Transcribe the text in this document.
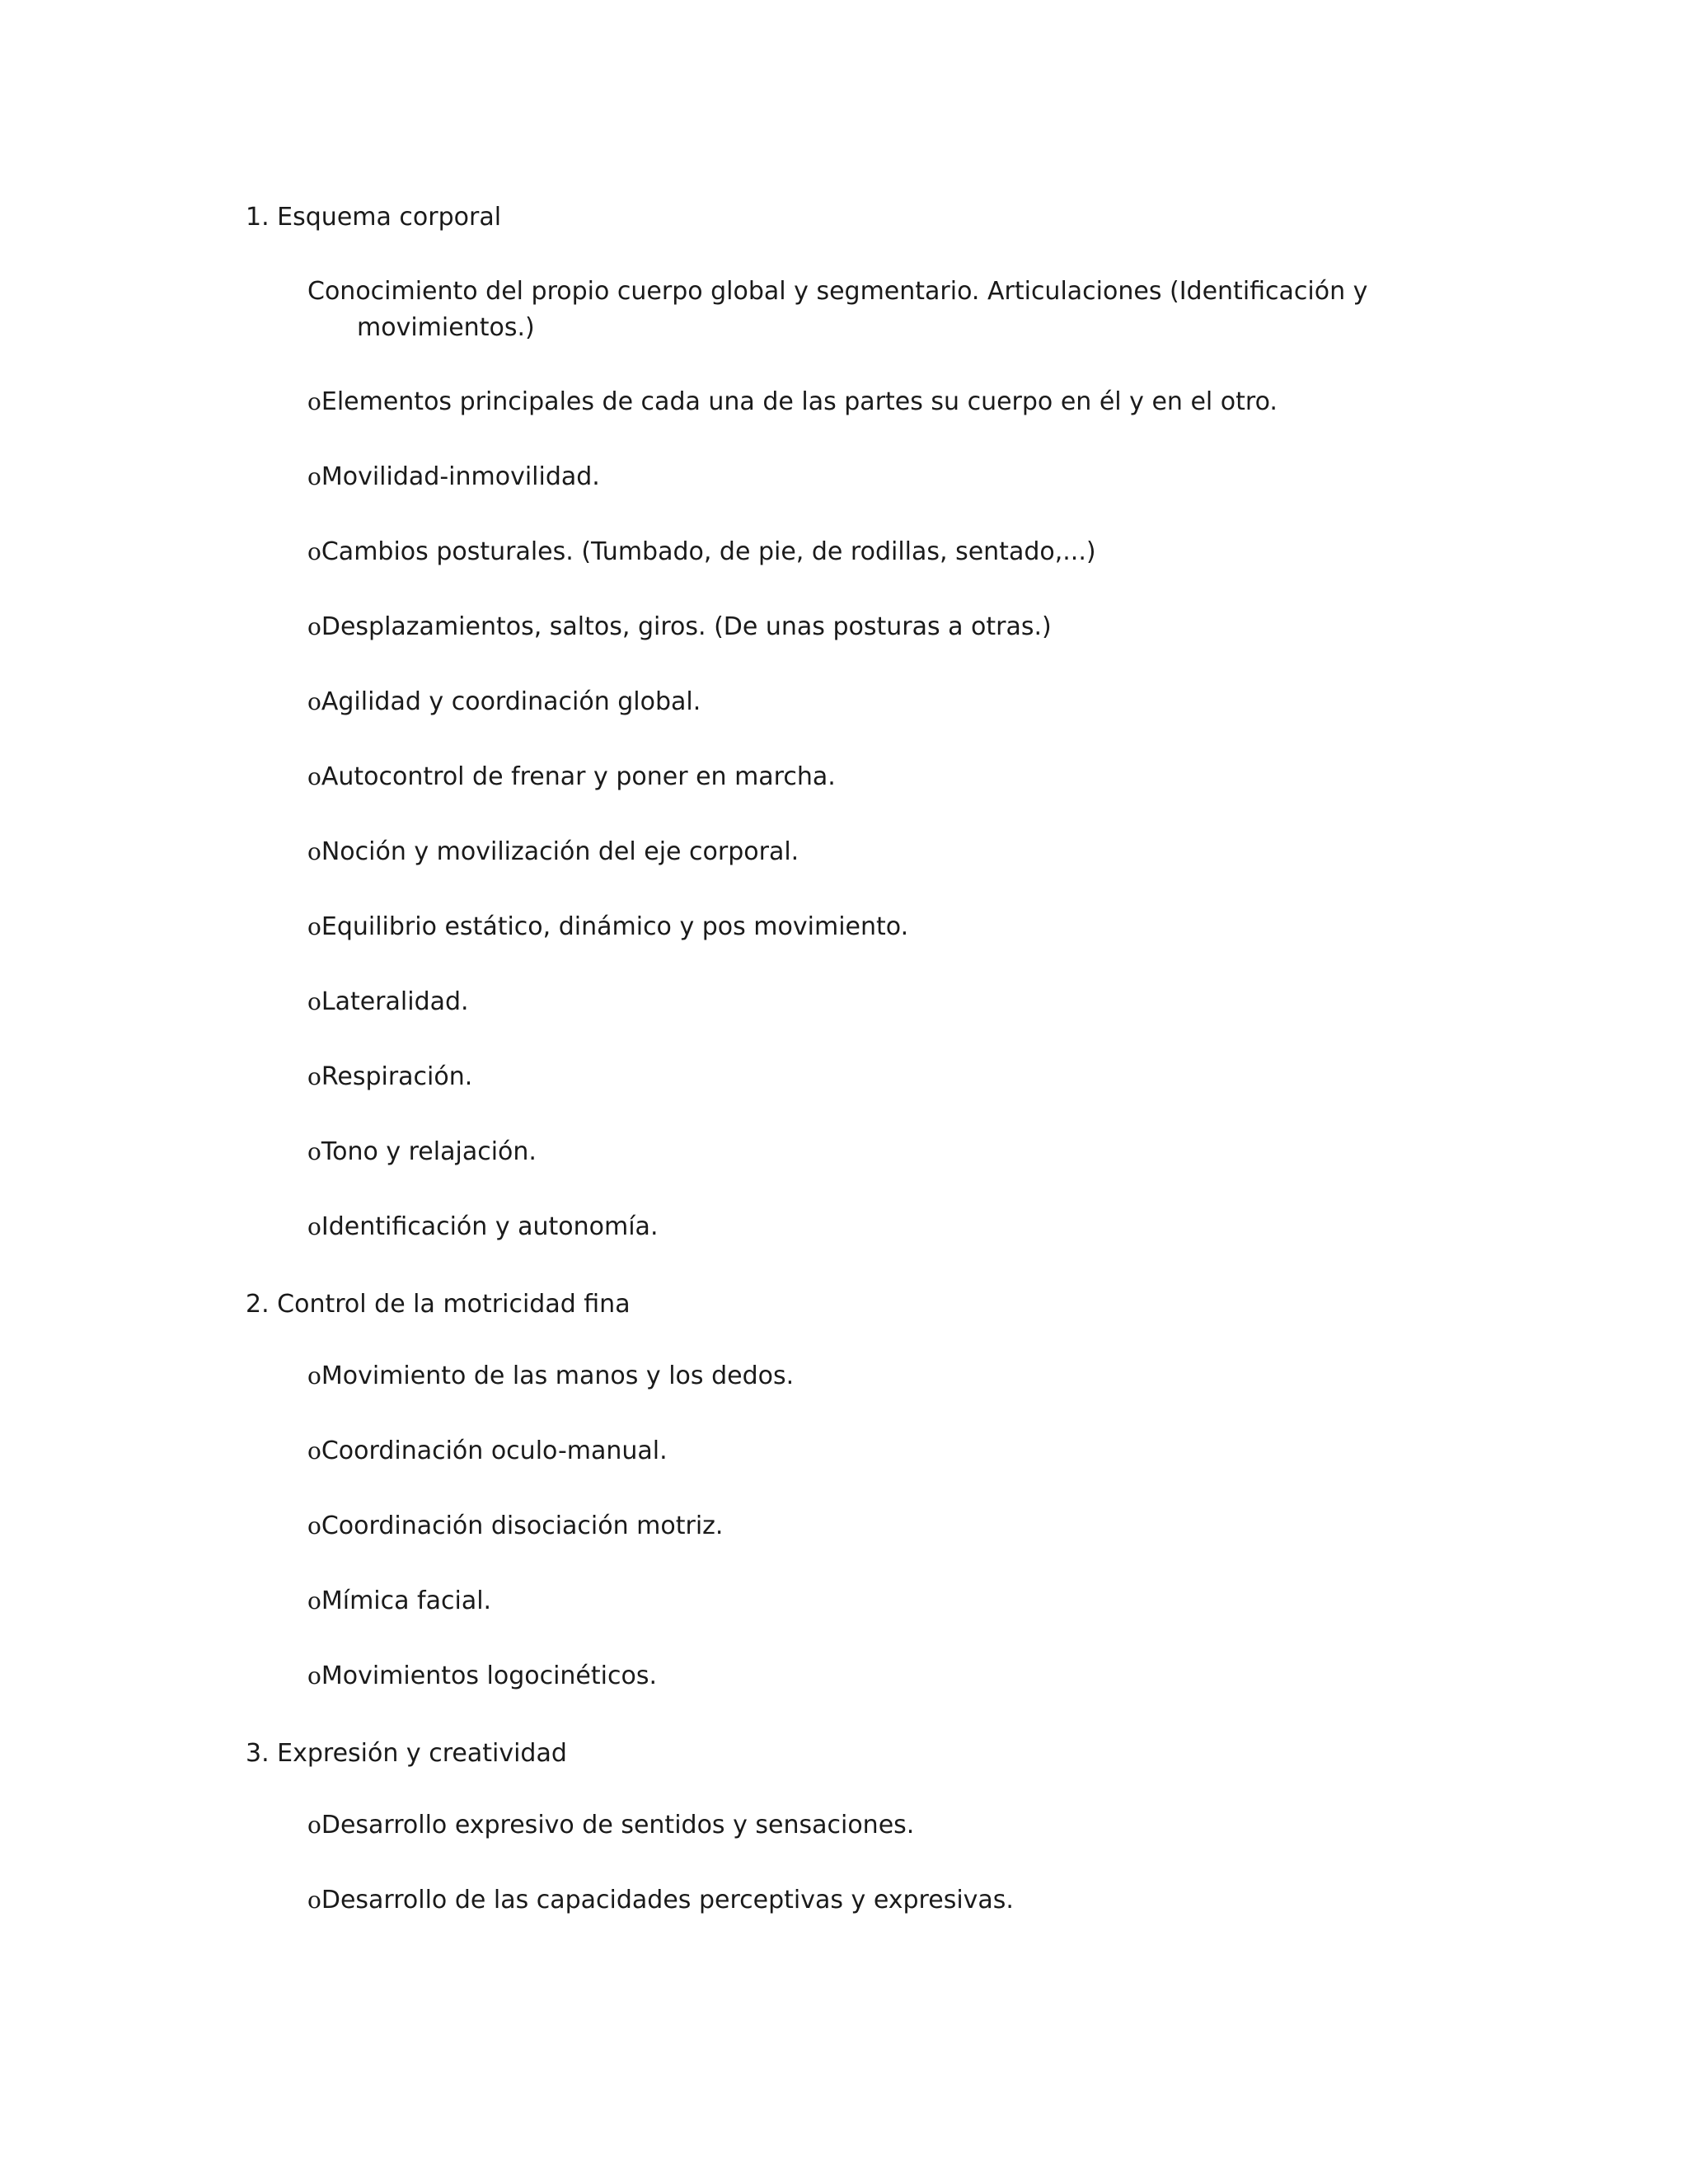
1. Esquema corporal
Conocimiento del propio cuerpo global y segmentario. Articulaciones (Identificación y
movimientos.)
oElementos principales de cada una de las partes su cuerpo en él y en el otro.
oMovilidad-inmovilidad.
oCambios posturales. (Tumbado, de pie, de rodillas, sentado,...)
oDesplazamientos, saltos, giros. (De unas posturas a otras.)
oAgilidad y coordinación global.
oAutocontrol de frenar y poner en marcha.
oNoción y movilización del eje corporal.
oEquilibrio estático, dinámico y pos movimiento.
oLateralidad.
oRespiración.
oTono y relajación.
oIdentificación y autonomía.
2. Control de la motricidad fina
oMovimiento de las manos y los dedos.
oCoordinación oculo-manual.
oCoordinación disociación motriz.
oMímica facial.
oMovimientos logocinéticos.
3. Expresión y creatividad
oDesarrollo expresivo de sentidos y sensaciones.
oDesarrollo de las capacidades perceptivas y expresivas.
